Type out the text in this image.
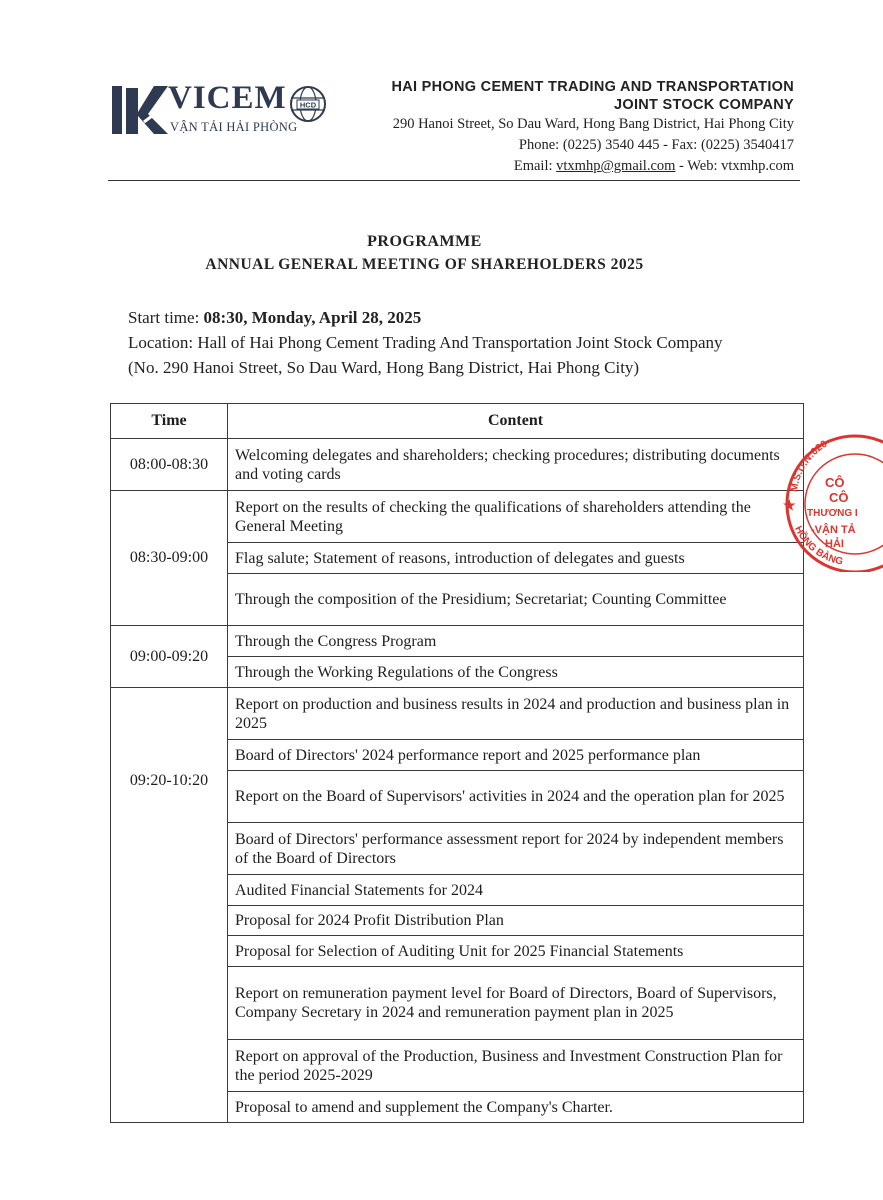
VICEM
VẬN TẢI HẢI PHÒNG
HCD
HAI PHONG CEMENT TRADING AND TRANSPORTATION
JOINT STOCK COMPANY
290 Hanoi Street, So Dau Ward, Hong Bang District, Hai Phong City
Phone: (0225) 3540 445 - Fax: (0225) 3540417
Email: vtxmhp@gmail.com - Web: vtxmhp.com
PROGRAMME
ANNUAL GENERAL MEETING OF SHAREHOLDERS 2025
Start time: 08:30, Monday, April 28, 2025
Location: Hall of Hai Phong Cement Trading And Transportation Joint Stock Company
(No. 290 Hanoi Street, So Dau Ward, Hong Bang District, Hai Phong City)
Time	Content
08:00-08:30	Welcoming delegates and shareholders; checking procedures; distributing documents and voting cards
08:30-09:00	Report on the results of checking the qualifications of shareholders attending the General Meeting
	Flag salute; Statement of reasons, introduction of delegates and guests
	Through the composition of the Presidium; Secretariat; Counting Committee
09:00-09:20	Through the Congress Program
	Through the Working Regulations of the Congress
09:20-10:20	Report on production and business results in 2024 and production and business plan in 2025
	Board of Directors' 2024 performance report and 2025 performance plan
	Report on the Board of Supervisors' activities in 2024 and the operation plan for 2025
	Board of Directors' performance assessment report for 2024 by independent members of the Board of Directors
	Audited Financial Statements for 2024
	Proposal for 2024 Profit Distribution Plan
	Proposal for Selection of Auditing Unit for 2025 Financial Statements
	Report on remuneration payment level for Board of Directors, Board of Supervisors, Company Secretary in 2024 and remuneration payment plan in 2025
	Report on approval of the Production, Business and Investment Construction Plan for the period 2025-2029
	Proposal to amend and supplement the Company's Charter.
★
M.S.D.N:020
HỒNG BÀNG
CÔ
CÔ
THƯƠNG I
-VẬN TẢ
HẢI
